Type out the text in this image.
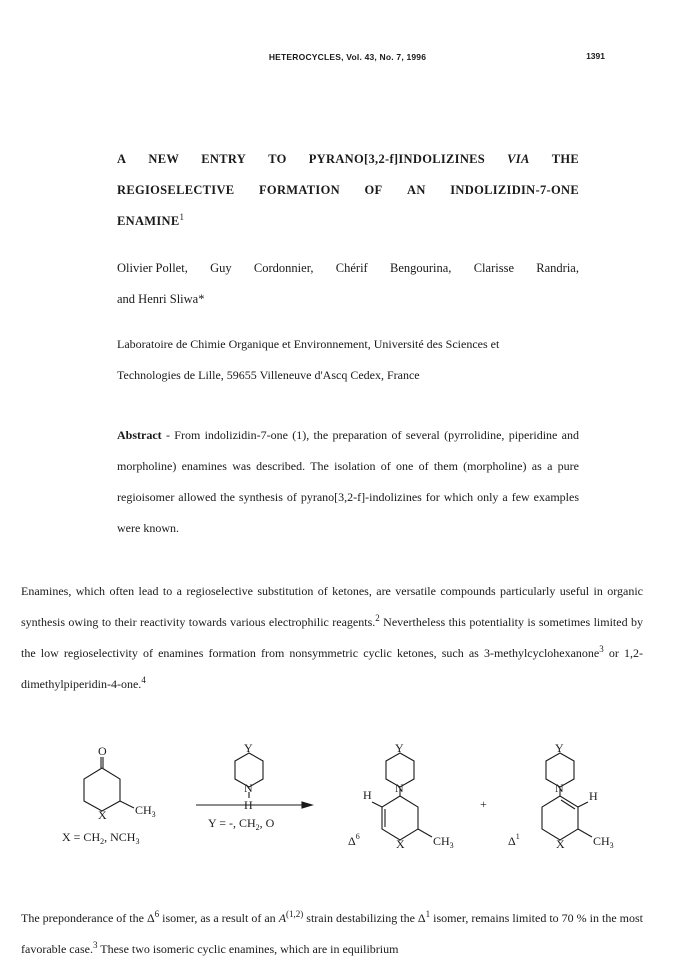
HETEROCYCLES, Vol. 43, No. 7, 1996	1391
A NEW ENTRY TO PYRANO[3,2-f]INDOLIZINES VIA THE
REGIOSELECTIVE FORMATION OF AN INDOLIZIDIN-7-ONE
ENAMINE$^1$
Olivier Pollet, Guy Cordonnier, Chérif Bengourina, Clarisse Randria,
and Henri Sliwa*
Laboratoire de Chimie Organique et Environnement, Université des Sciences et
Technologies de Lille, 59655 Villeneuve d'Ascq Cedex, France
Abstract - From indolizidin-7-one (1), the preparation of several (pyrrolidine, piperidine and morpholine) enamines was described. The isolation of one of them (morpholine) as a pure regioisomer allowed the synthesis of pyrano[3,2-f]-indolizines for which only a few examples were known.
Enamines, which often lead to a regioselective substitution of ketones, are versatile compounds particularly useful in organic synthesis owing to their reactivity towards various electrophilic reagents.$^2$ Nevertheless this potentiality is sometimes limited by the low regioselectivity of enamines formation from nonsymmetric cyclic ketones, such as 3-methylcyclohexanone$^3$ or 1,2-dimethylpiperidin-4-one.$^4$
O
X $CH_3$
$X = CH_2$, $NCH_3$
Y
N
H
Y = -, $CH_2$, O
Y
N
H
X $CH_3$
$\Delta^6$
+
Y
N
H
X $CH_3$
$\Delta^1$
The preponderance of the $\Delta^6$ isomer, as a result of an A$^{(1,2)}$ strain destabilizing the $\Delta^1$ isomer, remains limited to 70 % in the most favorable case.$^3$ These two isomeric cyclic enamines, which are in equilibrium
